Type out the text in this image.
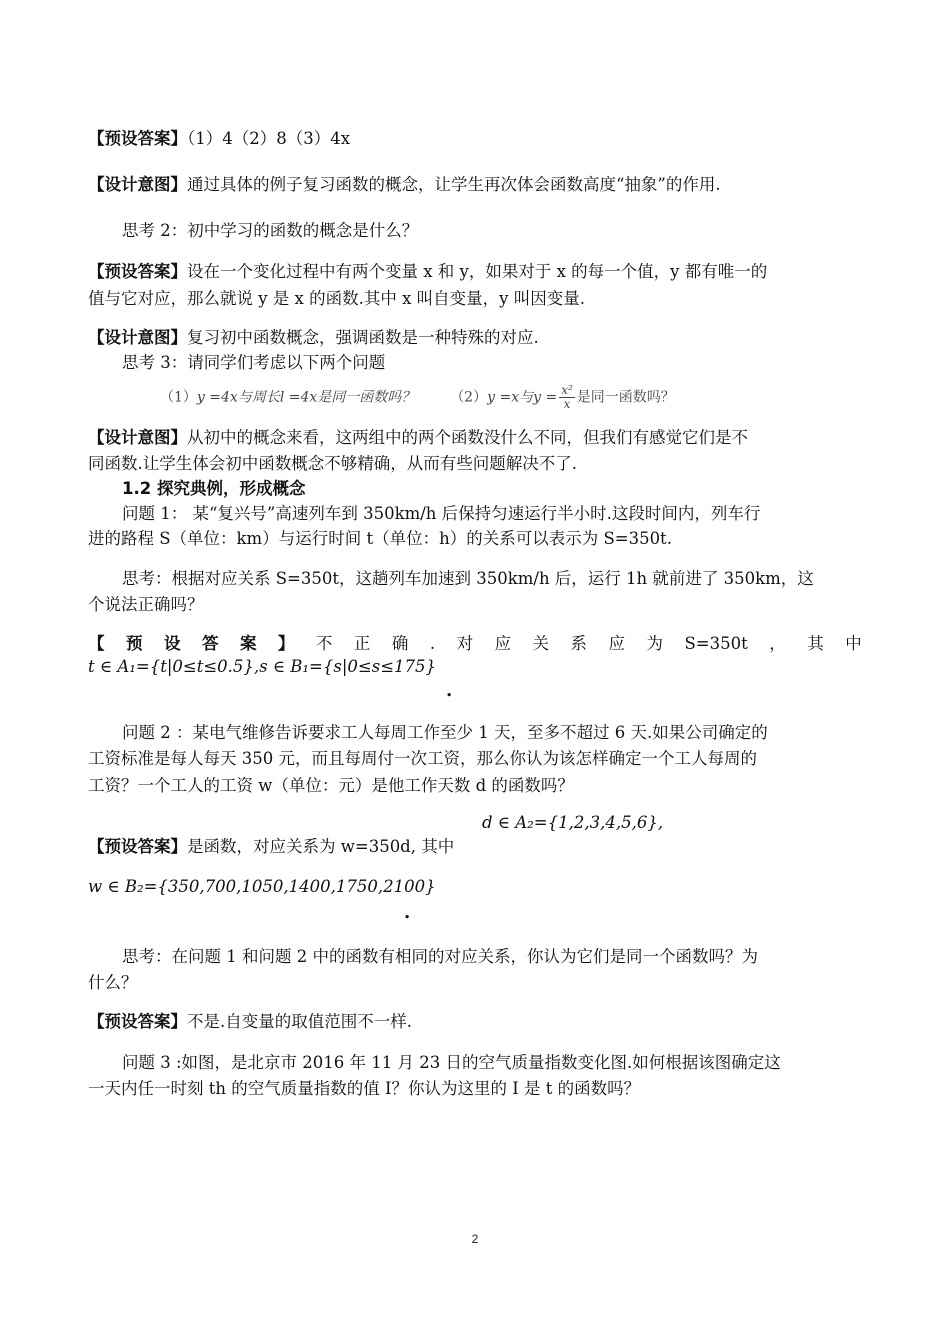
【预设答案】（1）4（2）8（3）4x
【设计意图】通过具体的例子复习函数的概念，让学生再次体会函数高度“抽象”的作用.
思考 2：初中学习的函数的概念是什么？
【预设答案】设在一个变化过程中有两个变量 x 和 y，如果对于 x 的每一个值，y 都有唯一的
值与它对应，那么就说 y 是 x 的函数.其中 x 叫自变量，y 叫因变量.
【设计意图】复习初中函数概念，强调函数是一种特殊的对应.
思考 3：请同学们考虑以下两个问题
（1）y =4x与周长l =4x是同一函数吗？ （2）y =x与$y = \frac{\text{x²}}{x}$ 是同一函数吗？
【设计意图】从初中的概念来看，这两组中的两个函数没什么不同，但我们有感觉它们是不
同函数.让学生体会初中函数概念不够精确，从而有些问题解决不了.
1.2 探究典例，形成概念
问题 1： 某“复兴号”高速列车到 350km/h 后保持匀速运行半小时.这段时间内，列车行
进的路程 S（单位：km）与运行时间 t（单位：h）的关系可以表示为 S=350t.
思考：根据对应关系 S=350t，这趟列车加速到 350km/h 后，运行 1h 就前进了 350km，这
个说法正确吗？
【 预 设 答 案 】 不 正 确 . 对 应 关 系 应 为 S=350t ， 其 中
t ∈ A₁={t|0≤t≤0.5},s ∈ B₁={s|0≤s≤175}
.
问题 2 ：某电气维修告诉要求工人每周工作至少 1 天，至多不超过 6 天.如果公司确定的
工资标准是每人每天 350 元，而且每周付一次工资，那么你认为该怎样确定一个工人每周的
工资？一个工人的工资 w（单位：元）是他工作天数 d 的函数吗？
d ∈ A₂={1,2,3,4,5,6},
【预设答案】是函数，对应关系为 w=350d, 其中
w ∈ B₂={350,700,1050,1400,1750,2100}
.
思考：在问题 1 和问题 2 中的函数有相同的对应关系，你认为它们是同一个函数吗？为
什么？
【预设答案】不是.自变量的取值范围不一样.
问题 3 :如图，是北京市 2016 年 11 月 23 日的空气质量指数变化图.如何根据该图确定这
一天内任一时刻 th 的空气质量指数的值 I？你认为这里的 I 是 t 的函数吗？
2
